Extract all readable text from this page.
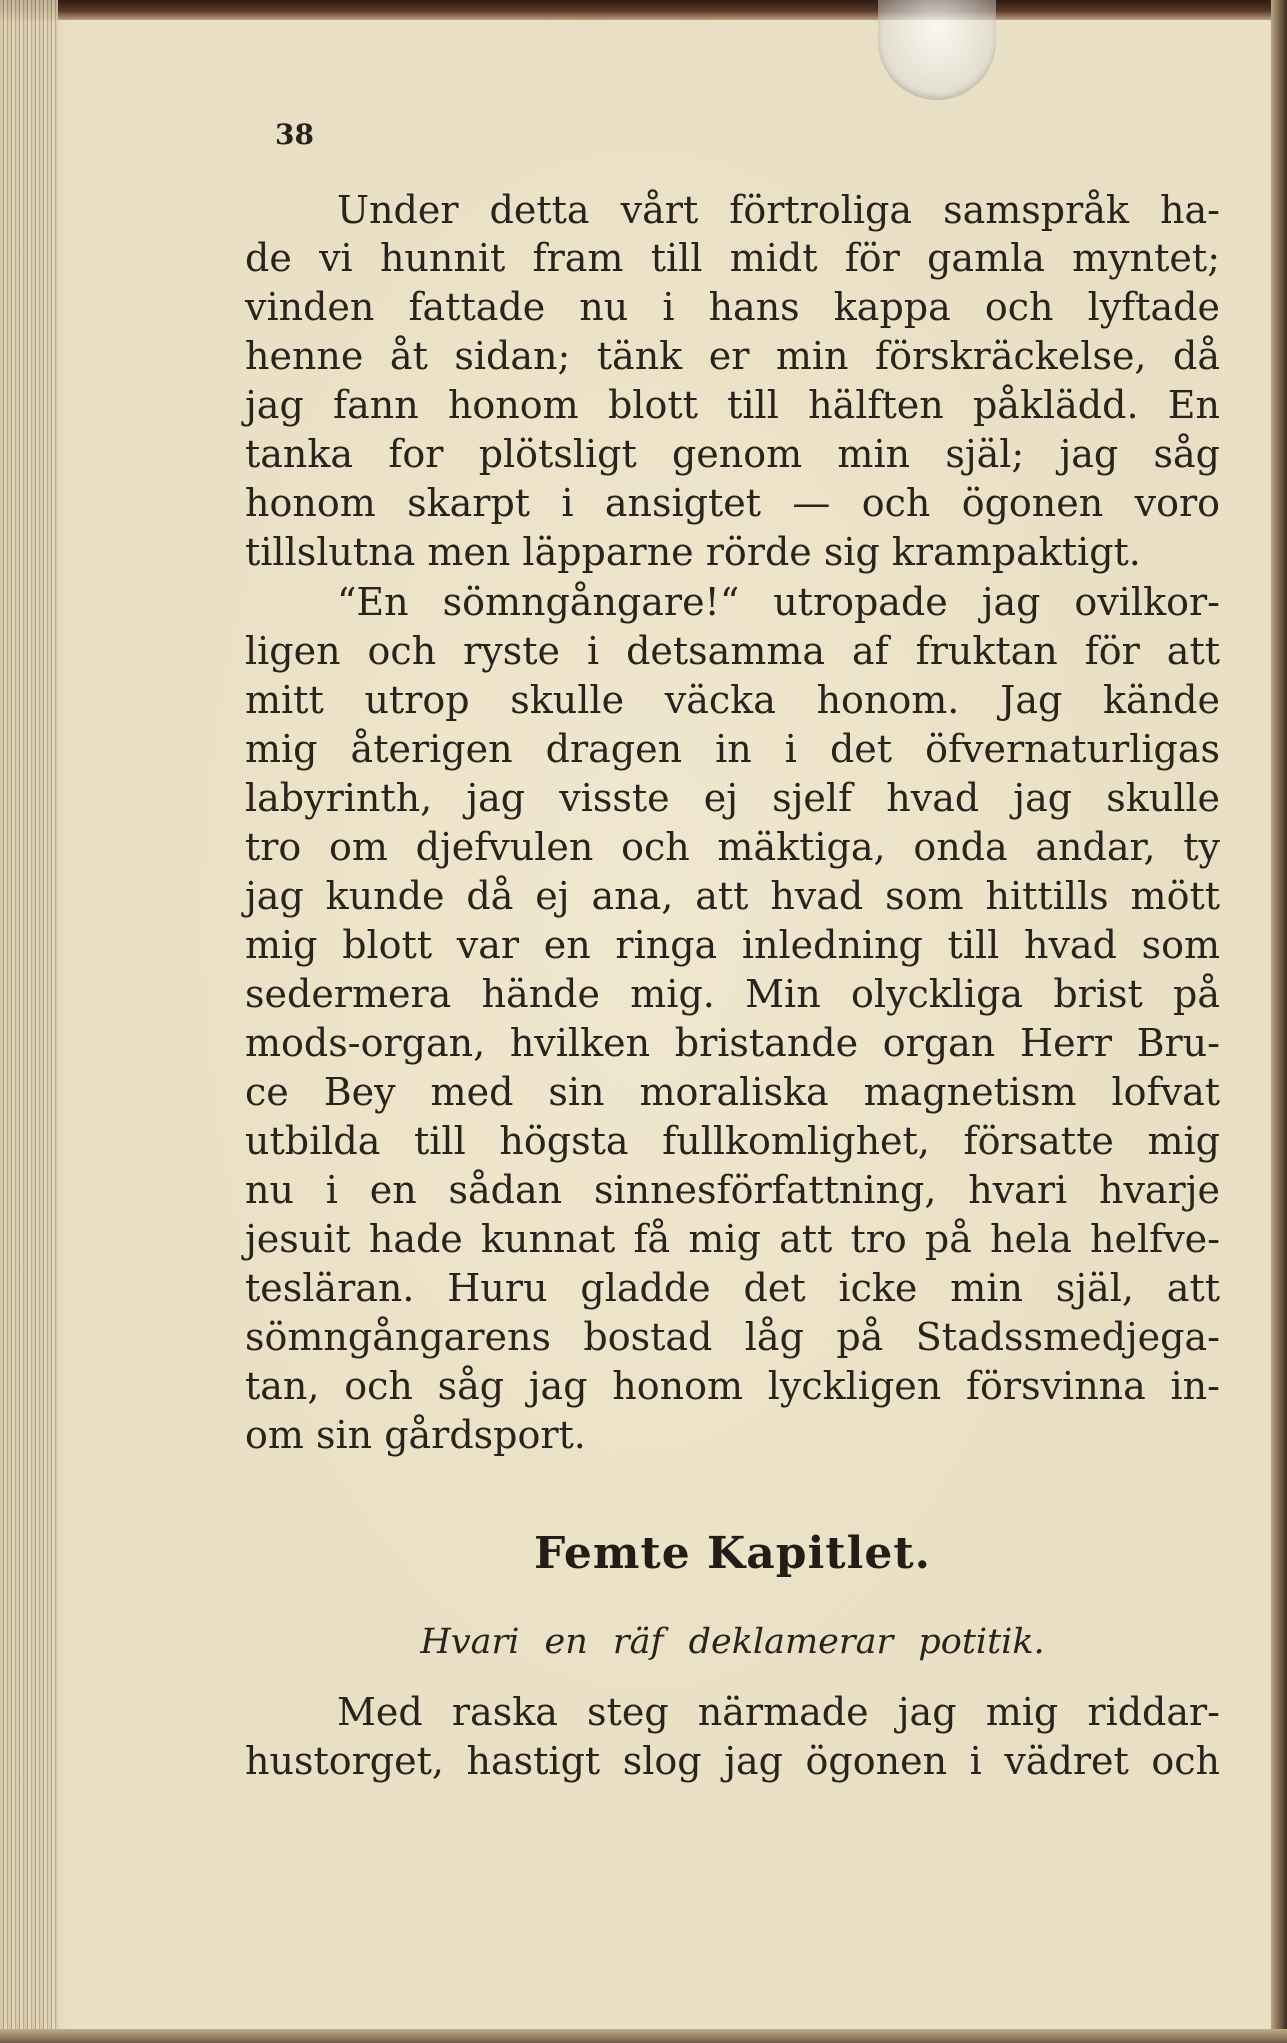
38
Under detta vårt förtroliga samspråk ha-
de vi hunnit fram till midt för gamla myntet;
vinden fattade nu i hans kappa och lyftade
henne åt sidan; tänk er min förskräckelse, då
jag fann honom blott till hälften påklädd. En
tanka for plötsligt genom min själ; jag såg
honom skarpt i ansigtet — och ögonen voro
tillslutna men läpparne rörde sig krampaktigt.
“En sömngångare!“ utropade jag ovilkor-
ligen och ryste i detsamma af fruktan för att
mitt utrop skulle väcka honom. Jag kände
mig återigen dragen in i det öfvernaturligas
labyrinth, jag visste ej sjelf hvad jag skulle
tro om djefvulen och mäktiga, onda andar, ty
jag kunde då ej ana, att hvad som hittills mött
mig blott var en ringa inledning till hvad som
sedermera hände mig. Min olyckliga brist på
mods-organ, hvilken bristande organ Herr Bru-
ce Bey med sin moraliska magnetism lofvat
utbilda till högsta fullkomlighet, försatte mig
nu i en sådan sinnesförfattning, hvari hvarje
jesuit hade kunnat få mig att tro på hela helfve-
tesläran. Huru gladde det icke min själ, att
sömngångarens bostad låg på Stadssmedjega-
tan, och såg jag honom lyckligen försvinna in-
om sin gårdsport.
Femte Kapitlet.
Hvari en räf deklamerar potitik.
Med raska steg närmade jag mig riddar-
hustorget, hastigt slog jag ögonen i vädret och
